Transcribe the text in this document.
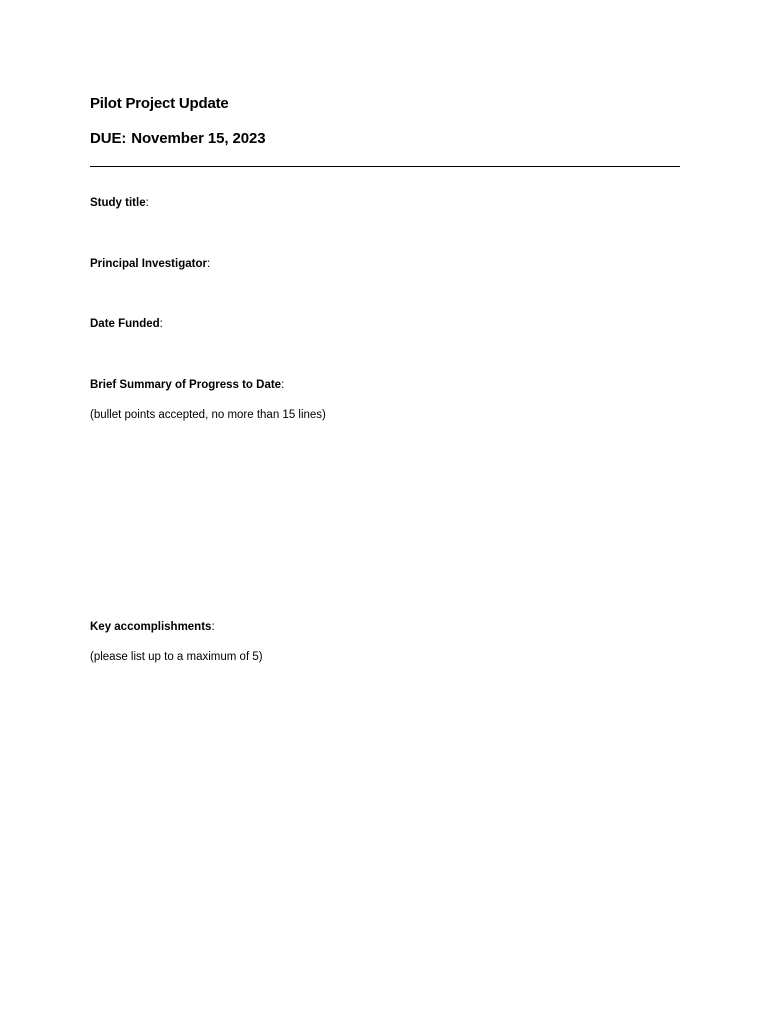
Pilot Project Update
DUE: November 15, 2023
Study title:
Principal Investigator:
Date Funded:
Brief Summary of Progress to Date:
(bullet points accepted, no more than 15 lines)
Key accomplishments:
(please list up to a maximum of 5)
